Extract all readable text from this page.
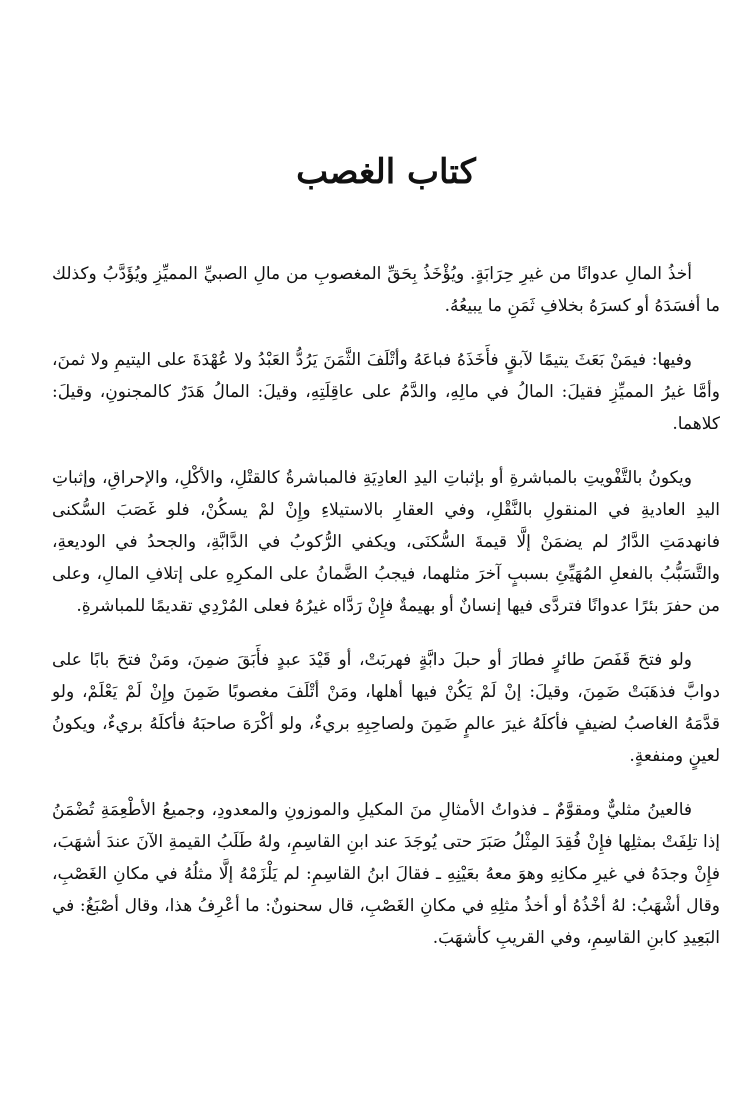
كتاب الغصب

أخذُ المالِ عدوانًا من غيرِ حِرَابَةٍ. ويُؤْخَذُ بِحَقِّ المغصوبِ من مالِ الصبيِّ المميِّزِ ويُؤَدَّبُ وكذلك ما أفسَدَهُ أو كسرَهُ بخلافِ ثَمَنِ ما يبيعُهُ.

وفيها: فيمَنْ بَعَثَ يتيمًا لآبقٍ فأَخَذَهُ فباعَهُ وأتْلَفَ الثَّمَنَ يَرُدُّ العَبْدُ ولا عُهْدَةَ على اليتيمِ ولا ثمنَ، وأمَّا غيرُ المميِّزِ فقيلَ: المالُ في مالِهِ، والدَّمُ على عاقِلَتِهِ، وقيلَ: المالُ هَدَرٌ كالمجنونِ، وقيلَ: كلاهما.

ويكونُ بالتَّفْويتِ بالمباشرةِ أو بإثباتِ اليدِ العادِيَةِ فالمباشرةُ كالقتْلِ، والأكْلِ، والإحراقِ، وإثباتِ اليدِ العاديةِ في المنقولِ بالنَّقْلِ، وفي العقارِ بالاستيلاءِ وإِنْ لمْ يسكُنْ، فلو غَصَبَ السُّكنى فانهدمَتِ الدَّارُ لم يضمَنْ إلَّا قيمةَ السُّكنَى، ويكفي الرُّكوبُ في الدَّابَّةِ، والجحدُ في الوديعةِ، والتَّسَبُّبُ بالفعلِ المُهَيِّئِ بسببٍ آخرَ مثلهما، فيجبُ الضَّمانُ على المكرِهِ على إتلافِ المالِ، وعلى من حفرَ بئرًا عدوانًا فتردَّى فيها إنسانٌ أو بهيمةٌ فإِنْ رَدَّاه غيرُهُ فعلى المُرْدِي تقديمًا للمباشرةِ.

ولو فتحَ قَفَصَ طائرٍ فطارَ أو حبلَ دابَّةٍ فهربَتْ، أو قَيْدَ عبدٍ فأَبَقَ ضمِنَ، ومَنْ فتحَ بابًا على دوابَّ فذهَبَتْ ضَمِنَ، وقيلَ: إنْ لَمْ يَكُنْ فيها أهلها، ومَنْ أتْلَفَ مغصوبًا ضَمِنَ وإِنْ لَمْ يَعْلَمْ، ولو قدَّمَهُ الغاصبُ لضيفٍ فأكلَهُ غيرَ عالمٍ ضَمِنَ ولصاحِبِهِ بريءٌ، ولو أكْرَهَ صاحبَهُ فأكلَهُ بريءٌ، ويكونُ لعينٍ ومنفعةٍ.

فالعينُ مثليٌّ ومقوَّمٌ ـ فذواتُ الأمثالِ منَ المكيلِ والموزونِ والمعدودِ، وجميعُ الأطْعِمَةِ تُضْمَنُ إذا تلِفَتْ بمثلِها فإِنْ فُقِدَ المِثْلُ صَبَرَ حتى يُوجَدَ عند ابنِ القاسِمِ، ولهُ طَلَبُ القيمةِ الآنَ عندَ أشهَبَ، فإِنْ وجدَهُ في غيرِ مكانِهِ وهوَ معهُ بعَيْنِهِ ـ فقالَ ابنُ القاسِمِ: لم يَلْزَمْهُ إلَّا مثلُهُ في مكانِ الغَصْبِ، وقال أشْهَبُ: لهُ أخْذُهُ أو أخذُ مثلِهِ في مكانِ الغَصْبِ، قال سحنونٌ: ما أعْرِفُ هذا، وقال أصْبَغُ: في البَعِيدِ كابنِ القاسِمِ، وفي القريبِ كأشهَبَ.
